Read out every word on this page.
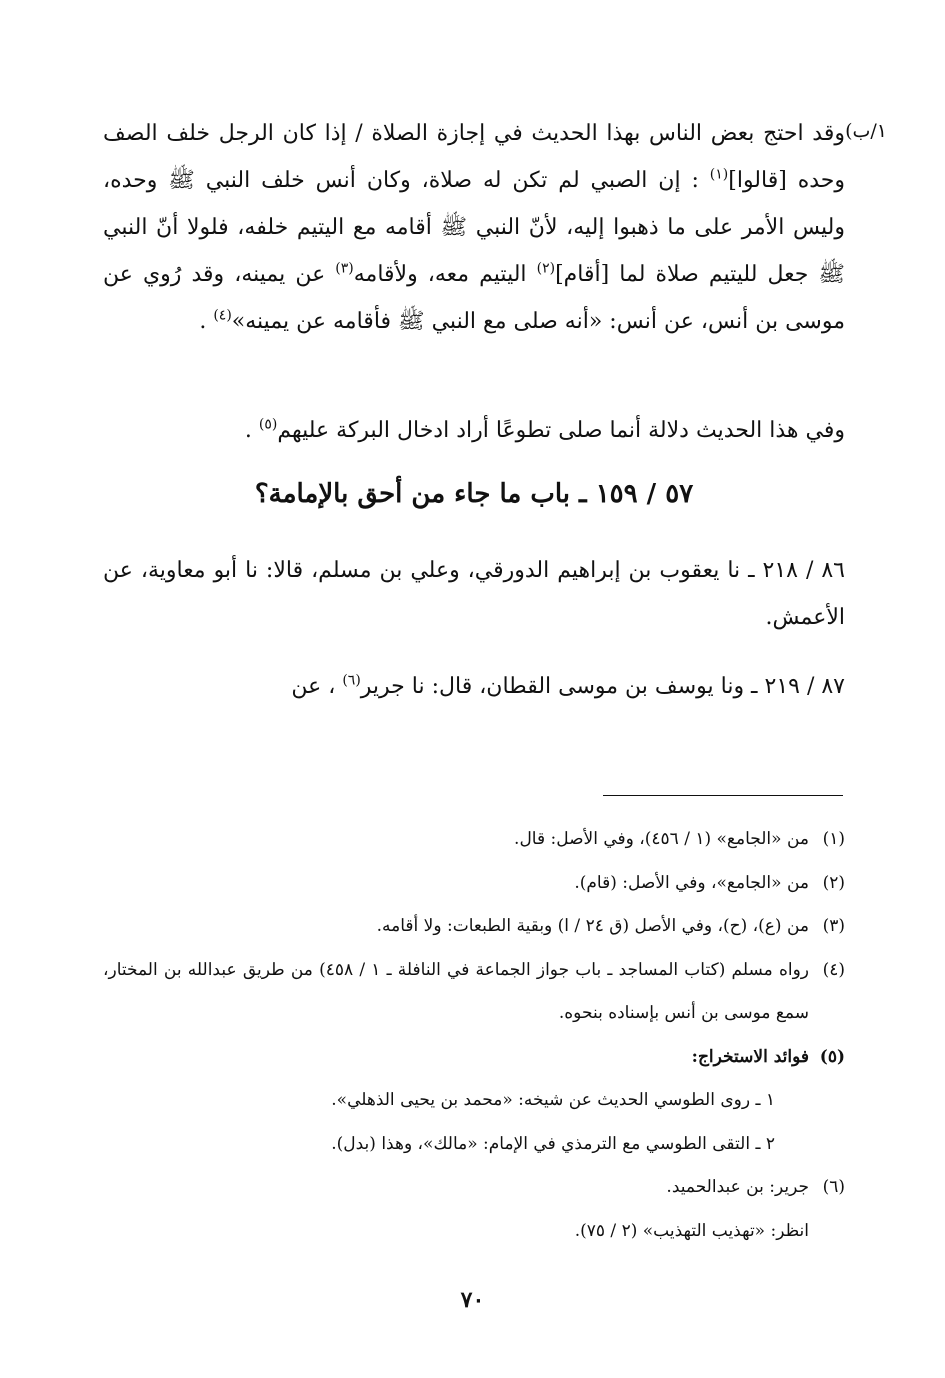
١/ب)

وقد احتج بعض الناس بهذا الحديث في إجازة الصلاة / إذا كان الرجل خلف الصف وحده [قالوا]$^{(١)}$ : إن الصبي لم تكن له صلاة، وكان أنس خلف النبي ﷺ وحده، وليس الأمر على ما ذهبوا إليه، لأنّ النبي ﷺ أقامه مع اليتيم خلفه، فلولا أنّ النبي ﷺ جعل لليتيم صلاة لما [أقام]$^{(٢)}$ اليتيم معه، ولأقامه$^{(٣)}$ عن يمينه، وقد رُوي عن موسى بن أنس، عن أنس: «أنه صلى مع النبي ﷺ فأقامه عن يمينه»$^{(٤)}$ .

وفي هذا الحديث دلالة أنما صلى تطوعًا أراد ادخال البركة عليهم$^{(٥)}$ .

٥٧ / ١٥٩ ـ باب ما جاء من أحق بالإمامة؟

٨٦ / ٢١٨ ـ نا يعقوب بن إبراهيم الدورقي، وعلي بن مسلم، قالا: نا أبو معاوية، عن الأعمش.

٨٧ / ٢١٩ ـ ونا يوسف بن موسى القطان، قال: نا جرير$^{(٦)}$ ، عن

(١)
من «الجامع» (١ / ٤٥٦)، وفي الأصل: قال.
(٢)
من «الجامع»، وفي الأصل: (قام).
(٣)
من (ع)، (ح)، وفي الأصل (ق ٢٤ / ا) وبقية الطبعات: ولا أقامه.
(٤)
رواه مسلم (كتاب المساجد ـ باب جواز الجماعة في النافلة ـ ١ / ٤٥٨) من طريق عبدالله بن المختار، سمع موسى بن أنس بإسناده بنحوه.
(٥)
فوائد الاستخراج:
١ ـ روى الطوسي الحديث عن شيخه: «محمد بن يحيى الذهلي».
٢ ـ التقى الطوسي مع الترمذي في الإمام: «مالك»، وهذا (بدل).
(٦)
جرير: بن عبدالحميد.
انظر: «تهذيب التهذيب» (٢ / ٧٥).
٧٠
